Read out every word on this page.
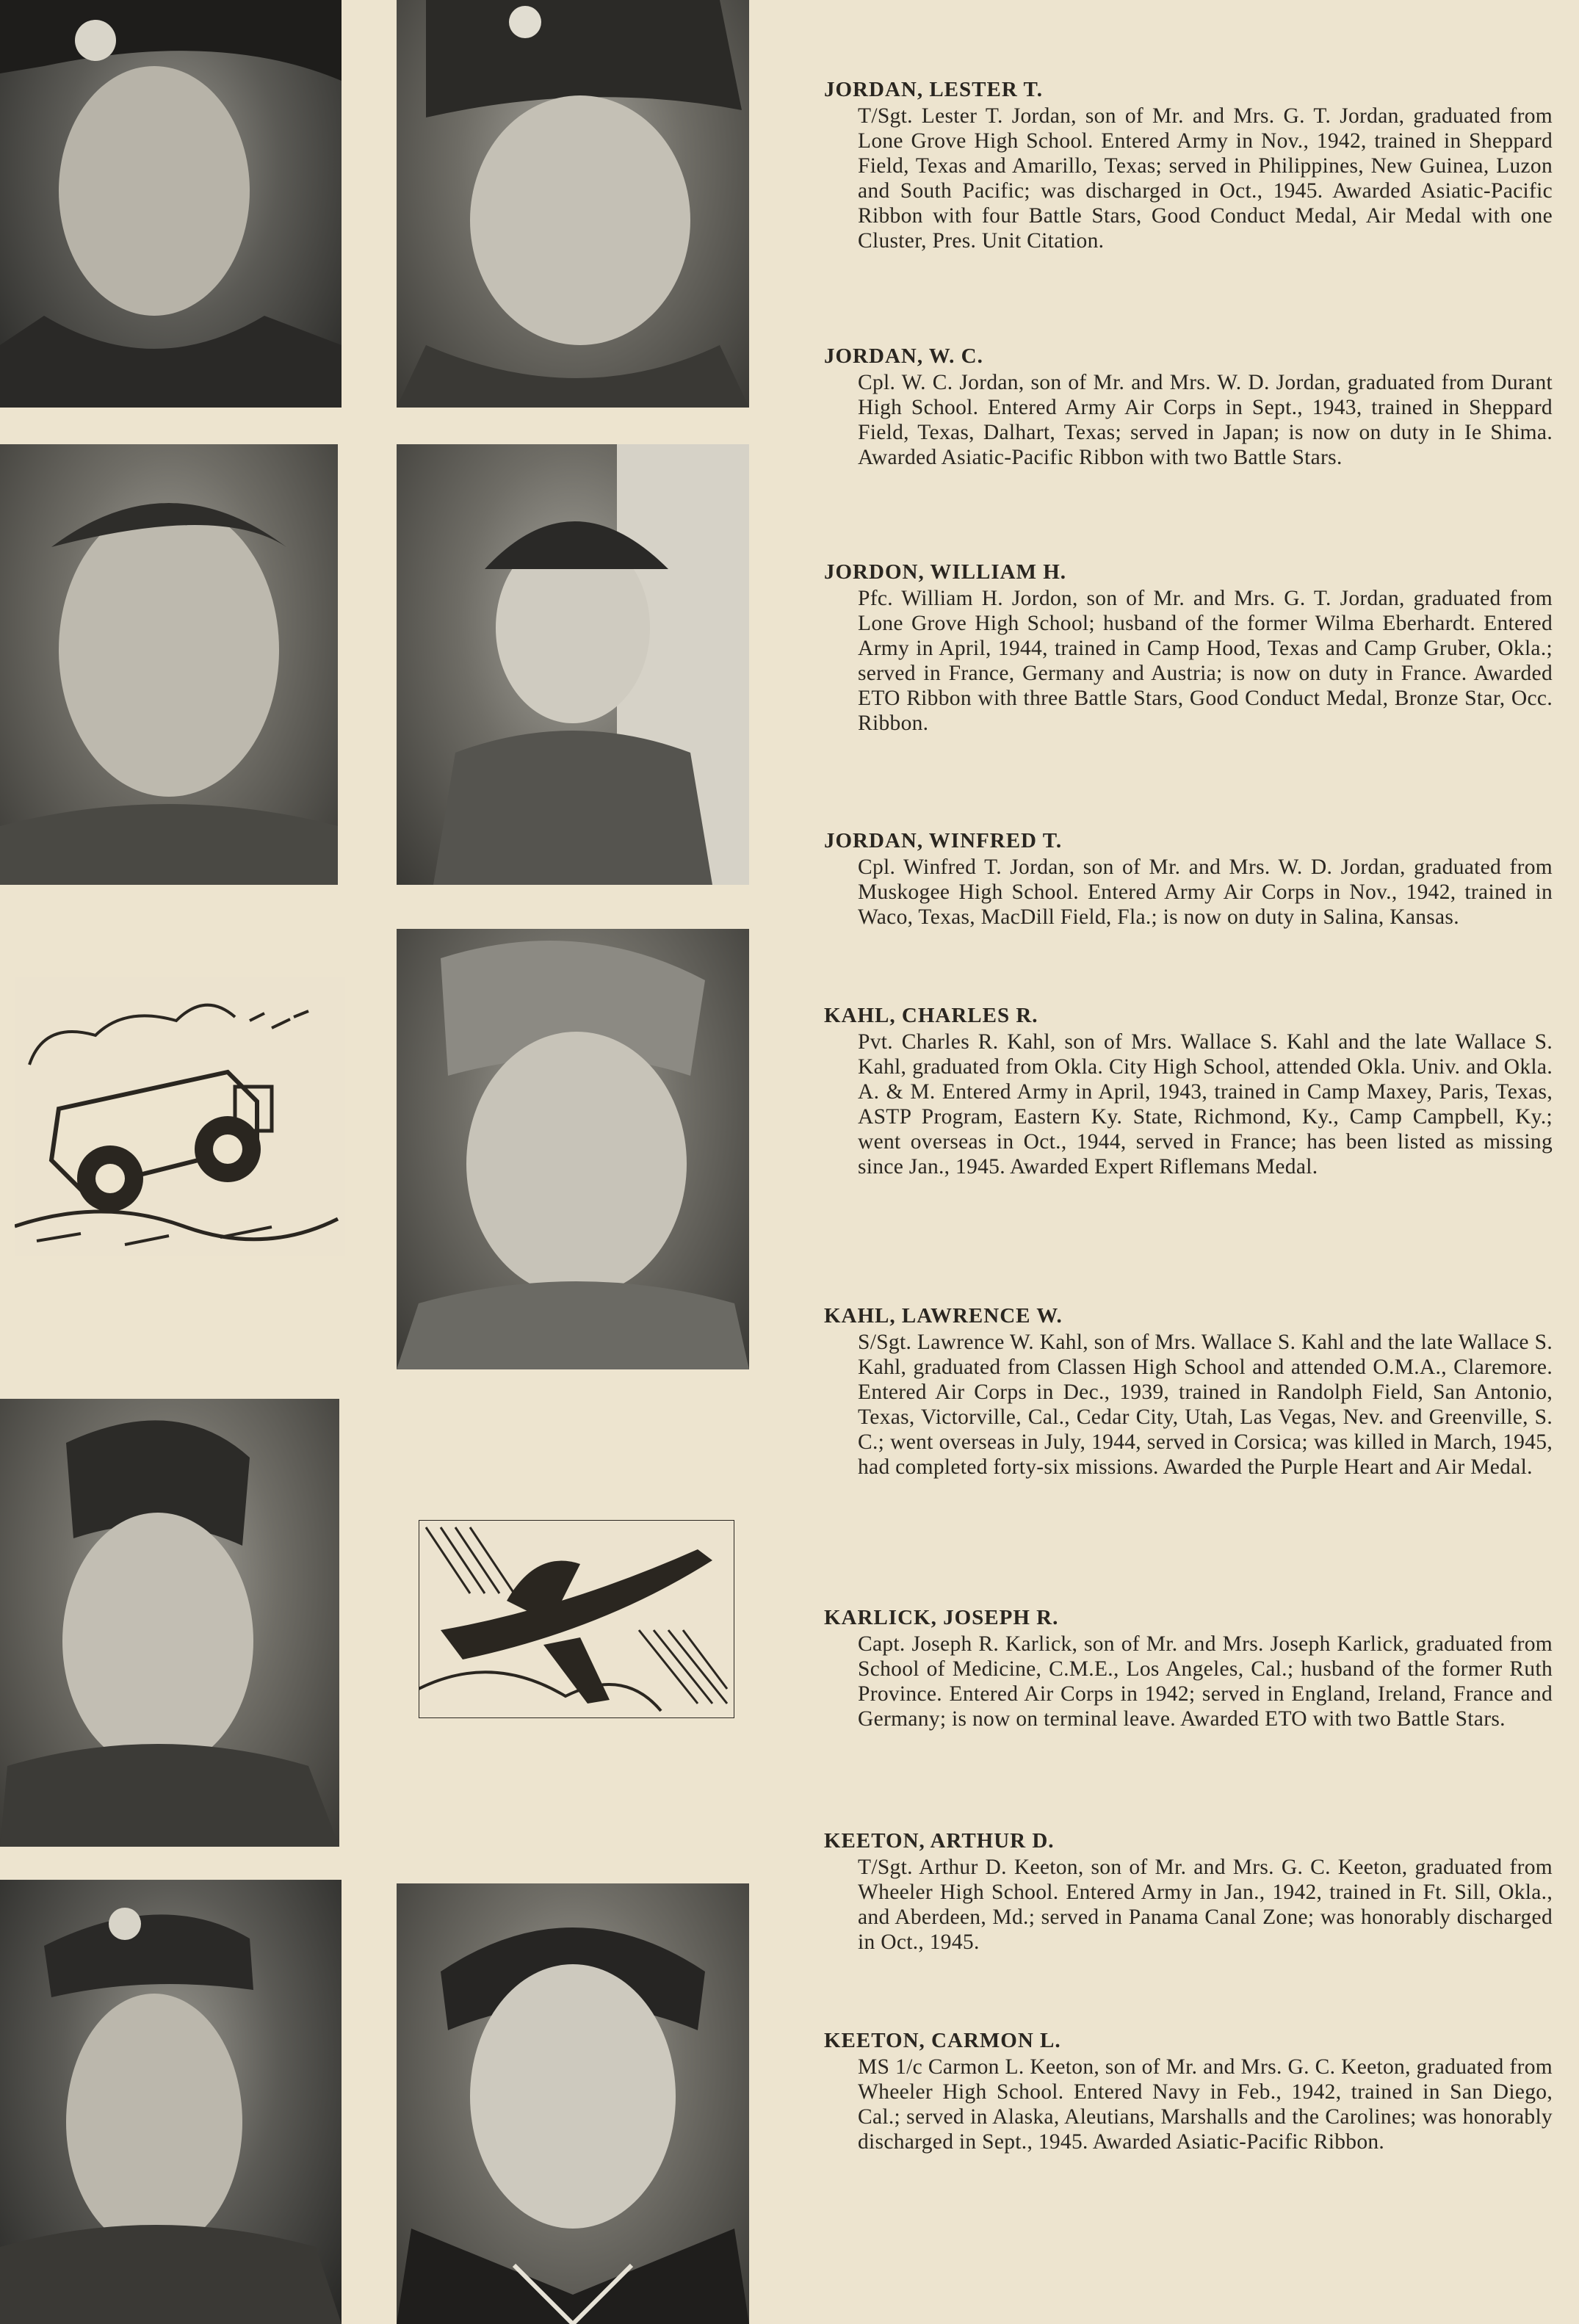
JORDAN, LESTER T.

T/Sgt. Lester T. Jordan, son of Mr. and Mrs. G. T. Jordan, graduated from Lone Grove High School. Entered Army in Nov., 1942, trained in Sheppard Field, Texas and Amarillo, Texas; served in Philippines, New Guinea, Luzon and South Pacific; was discharged in Oct., 1945. Awarded Asiatic-Pacific Ribbon with four Battle Stars, Good Conduct Medal, Air Medal with one Cluster, Pres. Unit Citation.

JORDAN, W. C.

Cpl. W. C. Jordan, son of Mr. and Mrs. W. D. Jordan, graduated from Durant High School. Entered Army Air Corps in Sept., 1943, trained in Sheppard Field, Texas, Dalhart, Texas; served in Japan; is now on duty in Ie Shima. Awarded Asiatic-Pacific Ribbon with two Battle Stars.

JORDON, WILLIAM H.

Pfc. William H. Jordon, son of Mr. and Mrs. G. T. Jordan, graduated from Lone Grove High School; husband of the former Wilma Eberhardt. Entered Army in April, 1944, trained in Camp Hood, Texas and Camp Gruber, Okla.; served in France, Germany and Austria; is now on duty in France. Awarded ETO Ribbon with three Battle Stars, Good Conduct Medal, Bronze Star, Occ. Ribbon.

JORDAN, WINFRED T.

Cpl. Winfred T. Jordan, son of Mr. and Mrs. W. D. Jordan, graduated from Muskogee High School. Entered Army Air Corps in Nov., 1942, trained in Waco, Texas, MacDill Field, Fla.; is now on duty in Salina, Kansas.

KAHL, CHARLES R.

Pvt. Charles R. Kahl, son of Mrs. Wallace S. Kahl and the late Wallace S. Kahl, graduated from Okla. City High School, attended Okla. Univ. and Okla. A. & M. Entered Army in April, 1943, trained in Camp Maxey, Paris, Texas, ASTP Program, Eastern Ky. State, Richmond, Ky., Camp Campbell, Ky.; went overseas in Oct., 1944, served in France; has been listed as missing since Jan., 1945. Awarded Expert Riflemans Medal.

KAHL, LAWRENCE W.

S/Sgt. Lawrence W. Kahl, son of Mrs. Wallace S. Kahl and the late Wallace S. Kahl, graduated from Classen High School and attended O.M.A., Claremore. Entered Air Corps in Dec., 1939, trained in Randolph Field, San Antonio, Texas, Victorville, Cal., Cedar City, Utah, Las Vegas, Nev. and Greenville, S. C.; went overseas in July, 1944, served in Corsica; was killed in March, 1945, had completed forty-six missions. Awarded the Purple Heart and Air Medal.

KARLICK, JOSEPH R.

Capt. Joseph R. Karlick, son of Mr. and Mrs. Joseph Karlick, graduated from School of Medicine, C.M.E., Los Angeles, Cal.; husband of the former Ruth Province. Entered Air Corps in 1942; served in England, Ireland, France and Germany; is now on terminal leave. Awarded ETO with two Battle Stars.

KEETON, ARTHUR D.

T/Sgt. Arthur D. Keeton, son of Mr. and Mrs. G. C. Keeton, graduated from Wheeler High School. Entered Army in Jan., 1942, trained in Ft. Sill, Okla., and Aberdeen, Md.; served in Panama Canal Zone; was honorably discharged in Oct., 1945.

KEETON, CARMON L.

MS 1/c Carmon L. Keeton, son of Mr. and Mrs. G. C. Keeton, graduated from Wheeler High School. Entered Navy in Feb., 1942, trained in San Diego, Cal.; served in Alaska, Aleutians, Marshalls and the Carolines; was honorably discharged in Sept., 1945. Awarded Asiatic-Pacific Ribbon.
